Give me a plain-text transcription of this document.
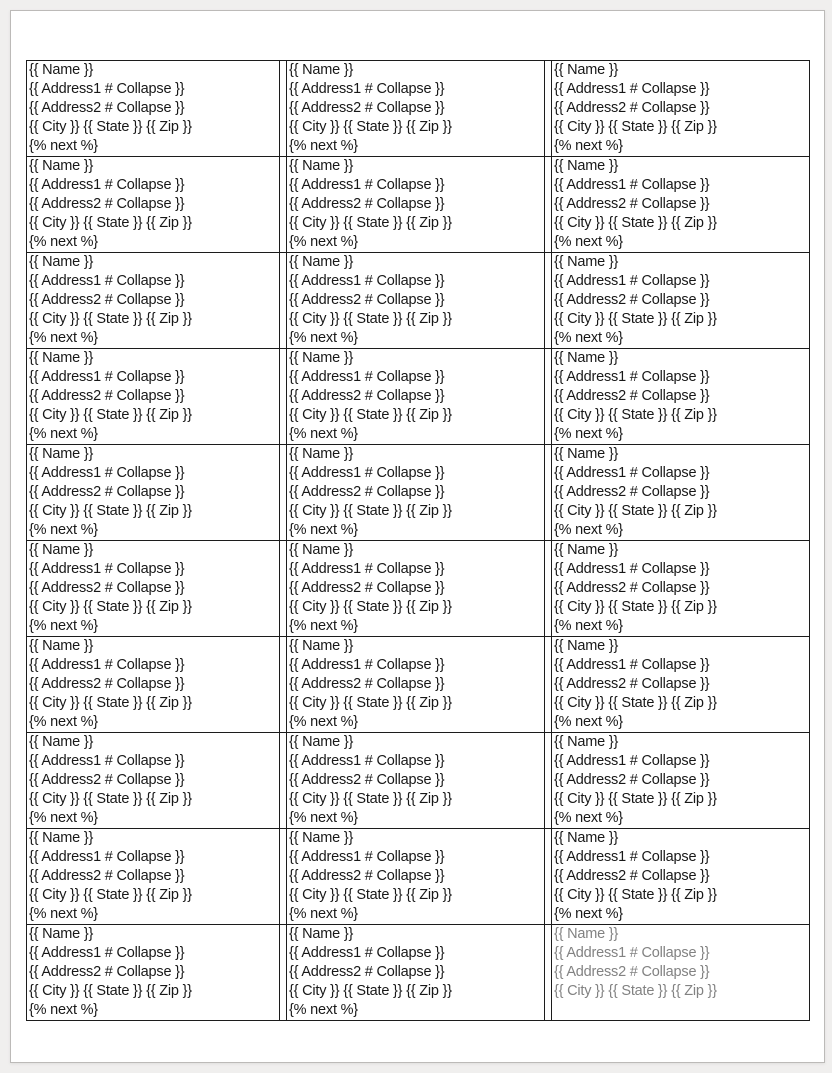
{{ Name }}
{{ Address1 # Collapse }}
{{ Address2 # Collapse }}
{{ City }} {{ State }} {{ Zip }}
{% next %}

{{ Name }}
{{ Address1 # Collapse }}
{{ Address2 # Collapse }}
{{ City }} {{ State }} {{ Zip }}
{% next %}

{{ Name }}
{{ Address1 # Collapse }}
{{ Address2 # Collapse }}
{{ City }} {{ State }} {{ Zip }}
{% next %}

{{ Name }}
{{ Address1 # Collapse }}
{{ Address2 # Collapse }}
{{ City }} {{ State }} {{ Zip }}
{% next %}

{{ Name }}
{{ Address1 # Collapse }}
{{ Address2 # Collapse }}
{{ City }} {{ State }} {{ Zip }}
{% next %}

{{ Name }}
{{ Address1 # Collapse }}
{{ Address2 # Collapse }}
{{ City }} {{ State }} {{ Zip }}
{% next %}

{{ Name }}
{{ Address1 # Collapse }}
{{ Address2 # Collapse }}
{{ City }} {{ State }} {{ Zip }}
{% next %}

{{ Name }}
{{ Address1 # Collapse }}
{{ Address2 # Collapse }}
{{ City }} {{ State }} {{ Zip }}
{% next %}

{{ Name }}
{{ Address1 # Collapse }}
{{ Address2 # Collapse }}
{{ City }} {{ State }} {{ Zip }}
{% next %}

{{ Name }}
{{ Address1 # Collapse }}
{{ Address2 # Collapse }}
{{ City }} {{ State }} {{ Zip }}
{% next %}

{{ Name }}
{{ Address1 # Collapse }}
{{ Address2 # Collapse }}
{{ City }} {{ State }} {{ Zip }}
{% next %}

{{ Name }}
{{ Address1 # Collapse }}
{{ Address2 # Collapse }}
{{ City }} {{ State }} {{ Zip }}
{% next %}

{{ Name }}
{{ Address1 # Collapse }}
{{ Address2 # Collapse }}
{{ City }} {{ State }} {{ Zip }}
{% next %}

{{ Name }}
{{ Address1 # Collapse }}
{{ Address2 # Collapse }}
{{ City }} {{ State }} {{ Zip }}
{% next %}

{{ Name }}
{{ Address1 # Collapse }}
{{ Address2 # Collapse }}
{{ City }} {{ State }} {{ Zip }}
{% next %}

{{ Name }}
{{ Address1 # Collapse }}
{{ Address2 # Collapse }}
{{ City }} {{ State }} {{ Zip }}
{% next %}

{{ Name }}
{{ Address1 # Collapse }}
{{ Address2 # Collapse }}
{{ City }} {{ State }} {{ Zip }}
{% next %}

{{ Name }}
{{ Address1 # Collapse }}
{{ Address2 # Collapse }}
{{ City }} {{ State }} {{ Zip }}
{% next %}

{{ Name }}
{{ Address1 # Collapse }}
{{ Address2 # Collapse }}
{{ City }} {{ State }} {{ Zip }}
{% next %}

{{ Name }}
{{ Address1 # Collapse }}
{{ Address2 # Collapse }}
{{ City }} {{ State }} {{ Zip }}
{% next %}

{{ Name }}
{{ Address1 # Collapse }}
{{ Address2 # Collapse }}
{{ City }} {{ State }} {{ Zip }}
{% next %}

{{ Name }}
{{ Address1 # Collapse }}
{{ Address2 # Collapse }}
{{ City }} {{ State }} {{ Zip }}
{% next %}

{{ Name }}
{{ Address1 # Collapse }}
{{ Address2 # Collapse }}
{{ City }} {{ State }} {{ Zip }}
{% next %}

{{ Name }}
{{ Address1 # Collapse }}
{{ Address2 # Collapse }}
{{ City }} {{ State }} {{ Zip }}
{% next %}

{{ Name }}
{{ Address1 # Collapse }}
{{ Address2 # Collapse }}
{{ City }} {{ State }} {{ Zip }}
{% next %}

{{ Name }}
{{ Address1 # Collapse }}
{{ Address2 # Collapse }}
{{ City }} {{ State }} {{ Zip }}
{% next %}

{{ Name }}
{{ Address1 # Collapse }}
{{ Address2 # Collapse }}
{{ City }} {{ State }} {{ Zip }}
{% next %}

{{ Name }}
{{ Address1 # Collapse }}
{{ Address2 # Collapse }}
{{ City }} {{ State }} {{ Zip }}
{% next %}

{{ Name }}
{{ Address1 # Collapse }}
{{ Address2 # Collapse }}
{{ City }} {{ State }} {{ Zip }}
{% next %}

{{ Name }}
{{ Address1 # Collapse }}
{{ Address2 # Collapse }}
{{ City }} {{ State }} {{ Zip }}
